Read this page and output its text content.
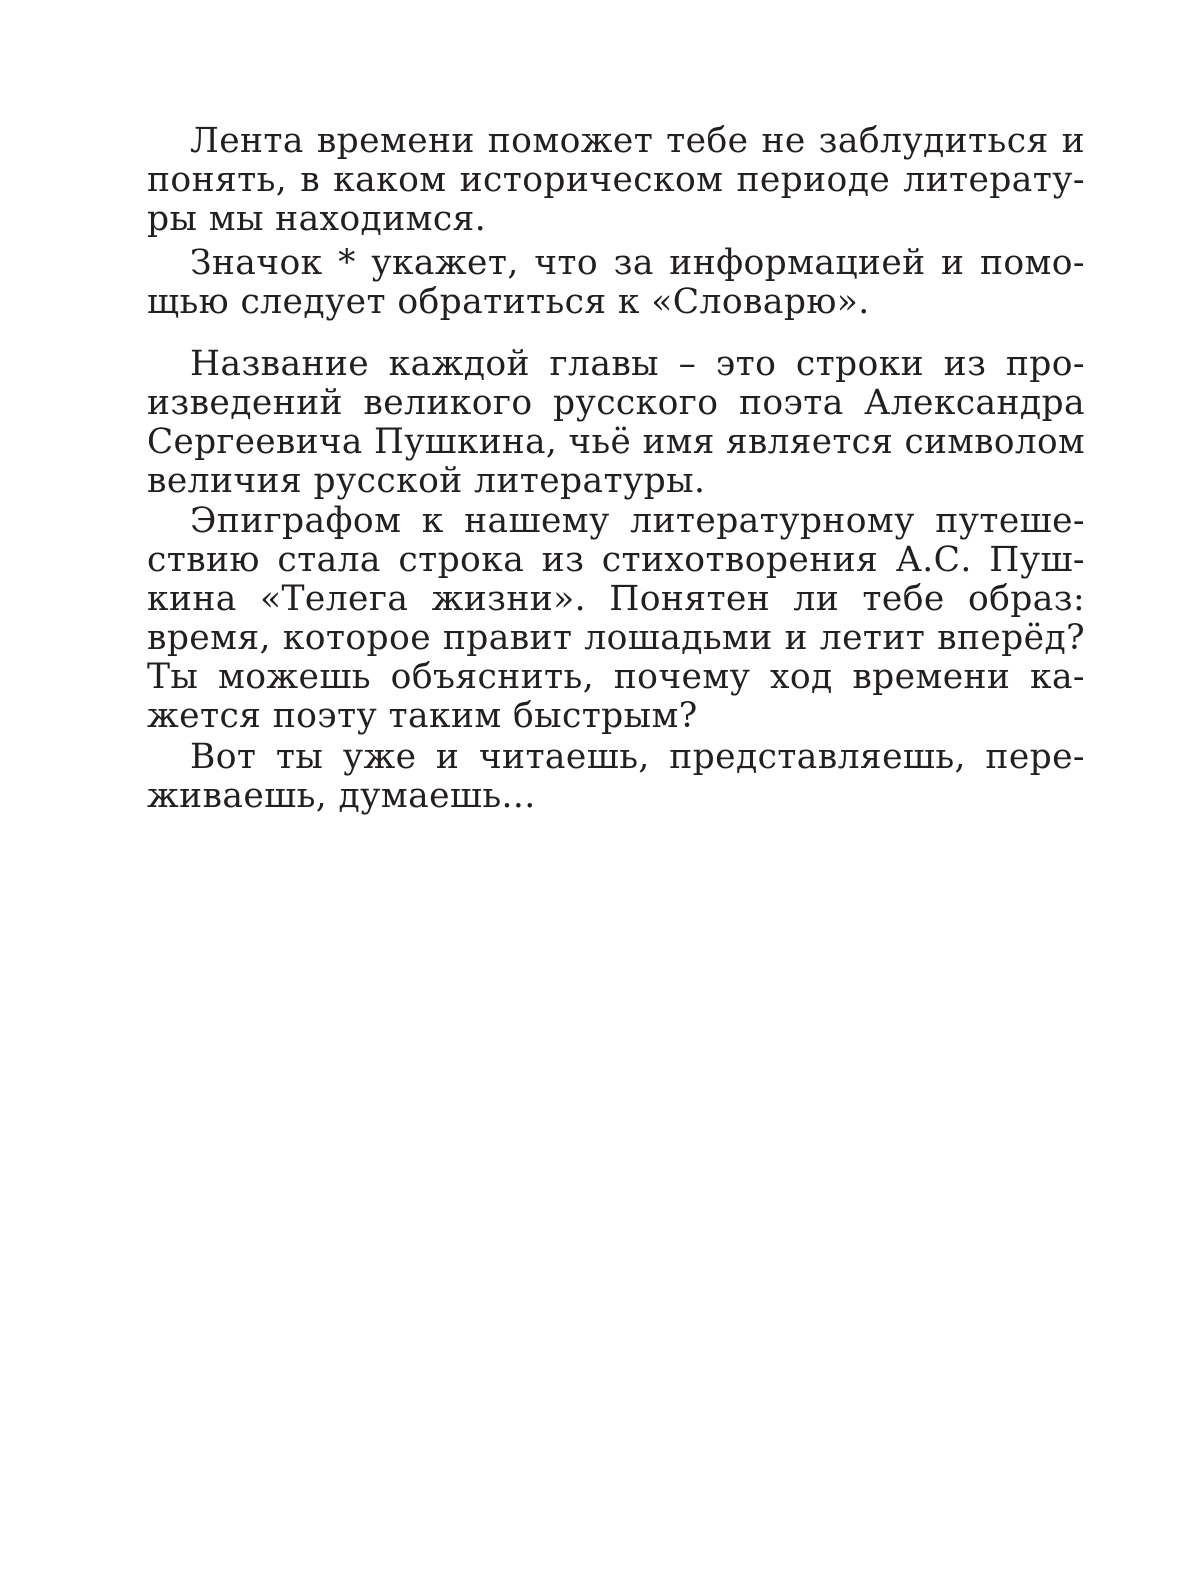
Лента времени поможет тебе не заблудиться и
понять, в каком историческом периоде литерату-
ры мы находимся.
Значок * укажет, что за информацией и помо-
щью следует обратиться к «Словарю».
Название каждой главы – это строки из про-
изведений великого русского поэта Александра
Сергеевича Пушкина, чьё имя является символом
величия русской литературы.
Эпиграфом к нашему литературному путеше-
ствию стала строка из стихотворения А.С. Пуш-
кина «Телега жизни». Понятен ли тебе образ:
время, которое правит лошадьми и летит вперёд?
Ты можешь объяснить, почему ход времени ка-
жется поэту таким быстрым?
Вот ты уже и читаешь, представляешь, пере-
живаешь, думаешь...
